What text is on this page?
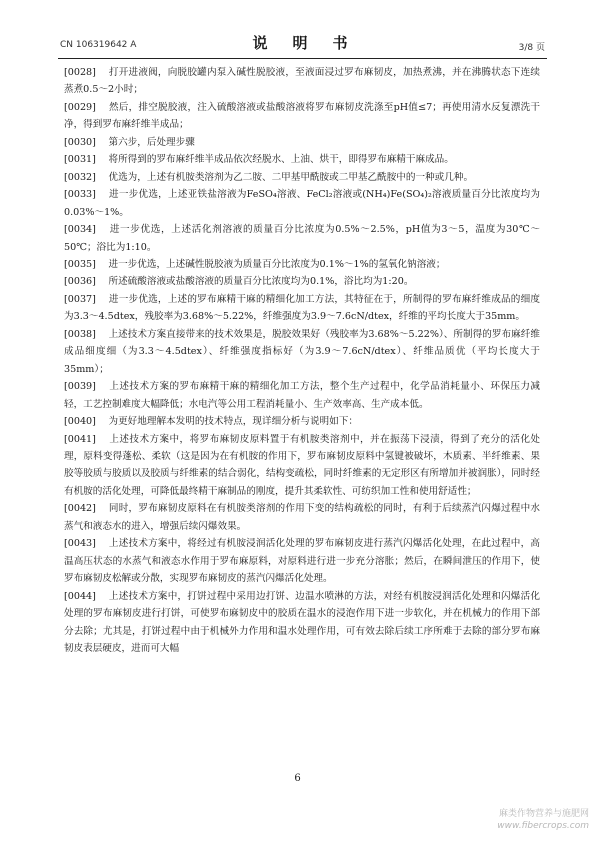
CN 106319642 A	说　明　书	3/8 页

[0028]　 打开进液阀，向脱胶罐内泵入碱性脱胶液，至液面浸过罗布麻韧皮，加热煮沸，并在沸腾状态下连续蒸煮0.5～2小时；

[0029]　 然后，排空脱胶液，注入硫酸溶液或盐酸溶液将罗布麻韧皮洗涤至pH值≤7；再使用清水反复漂洗干净，得到罗布麻纤维半成品；

[0030]　 第六步，后处理步骤

[0031]　 将所得到的罗布麻纤维半成品依次经脱水、上油、烘干，即得罗布麻精干麻成品。

[0032]　 优选为，上述有机胺类溶剂为乙二胺、二甲基甲酰胺或二甲基乙酰胺中的一种或几种。

[0033]　 进一步优选，上述亚铁盐溶液为FeSO₄溶液、FeCl₂溶液或(NH₄)Fe(SO₄)₂溶液质量百分比浓度均为0.03%～1%。

[0034]　 进一步优选，上述活化剂溶液的质量百分比浓度为0.5%～2.5%，pH值为3～5，温度为30℃～50℃；浴比为1:10。

[0035]　 进一步优选，上述碱性脱胶液为质量百分比浓度为0.1%～1%的氢氧化钠溶液；

[0036]　 所述硫酸溶液或盐酸溶液的质量百分比浓度均为0.1%，浴比均为1:20。

[0037]　 进一步优选，上述的罗布麻精干麻的精细化加工方法，其特征在于，所制得的罗布麻纤维成品的细度为3.3～4.5dtex，残胶率为3.68%～5.22%，纤维强度为3.9～7.6cN/dtex，纤维的平均长度大于35mm。

[0038]　 上述技术方案直接带来的技术效果是，脱胶效果好（残胶率为3.68%～5.22%）、所制得的罗布麻纤维成品细度细（为3.3～4.5dtex）、纤维强度指标好（为3.9～7.6cN/dtex）、纤维品质优（平均长度大于35mm）；

[0039]　 上述技术方案的罗布麻精干麻的精细化加工方法，整个生产过程中，化学品消耗量小、环保压力减轻，工艺控制难度大幅降低；水电汽等公用工程消耗量小、生产效率高、生产成本低。

[0040]　 为更好地理解本发明的技术特点，现详细分析与说明如下：

[0041]　 上述技术方案中，将罗布麻韧皮原料置于有机胺类溶剂中，并在振荡下浸渍，得到了充分的活化处理，原料变得蓬松、柔软（这是因为在有机胺的作用下，罗布麻韧皮原料中氢键被破坏，木质素、半纤维素、果胶等胶质与胶质以及胶质与纤维素的结合弱化，结构变疏松，同时纤维素的无定形区有所增加并被润胀），同时经有机胺的活化处理，可降低最终精干麻制品的刚度，提升其柔软性、可纺织加工性和使用舒适性；

[0042]　 同时，罗布麻韧皮原料在有机胺类溶剂的作用下变的结构疏松的同时，有利于后续蒸汽闪爆过程中水蒸气和液态水的进入，增强后续闪爆效果。

[0043]　 上述技术方案中，将经过有机胺浸润活化处理的罗布麻韧皮进行蒸汽闪爆活化处理，在此过程中，高温高压状态的水蒸气和液态水作用于罗布麻原料，对原料进行进一步充分溶胀；然后，在瞬间泄压的作用下，使罗布麻韧皮松解或分散，实现罗布麻韧皮的蒸汽闪爆活化处理。

[0044]　 上述技术方案中，打饼过程中采用边打饼、边温水喷淋的方法，对经有机胺浸润活化处理和闪爆活化处理的罗布麻韧皮进行打饼，可使罗布麻韧皮中的胶质在温水的浸泡作用下进一步软化，并在机械力的作用下部分去除；尤其是，打饼过程中由于机械外力作用和温水处理作用，可有效去除后续工序所难于去除的部分罗布麻韧皮表层硬皮，进而可大幅

6
麻类作物营养与施肥网
www.fibercrops.com
